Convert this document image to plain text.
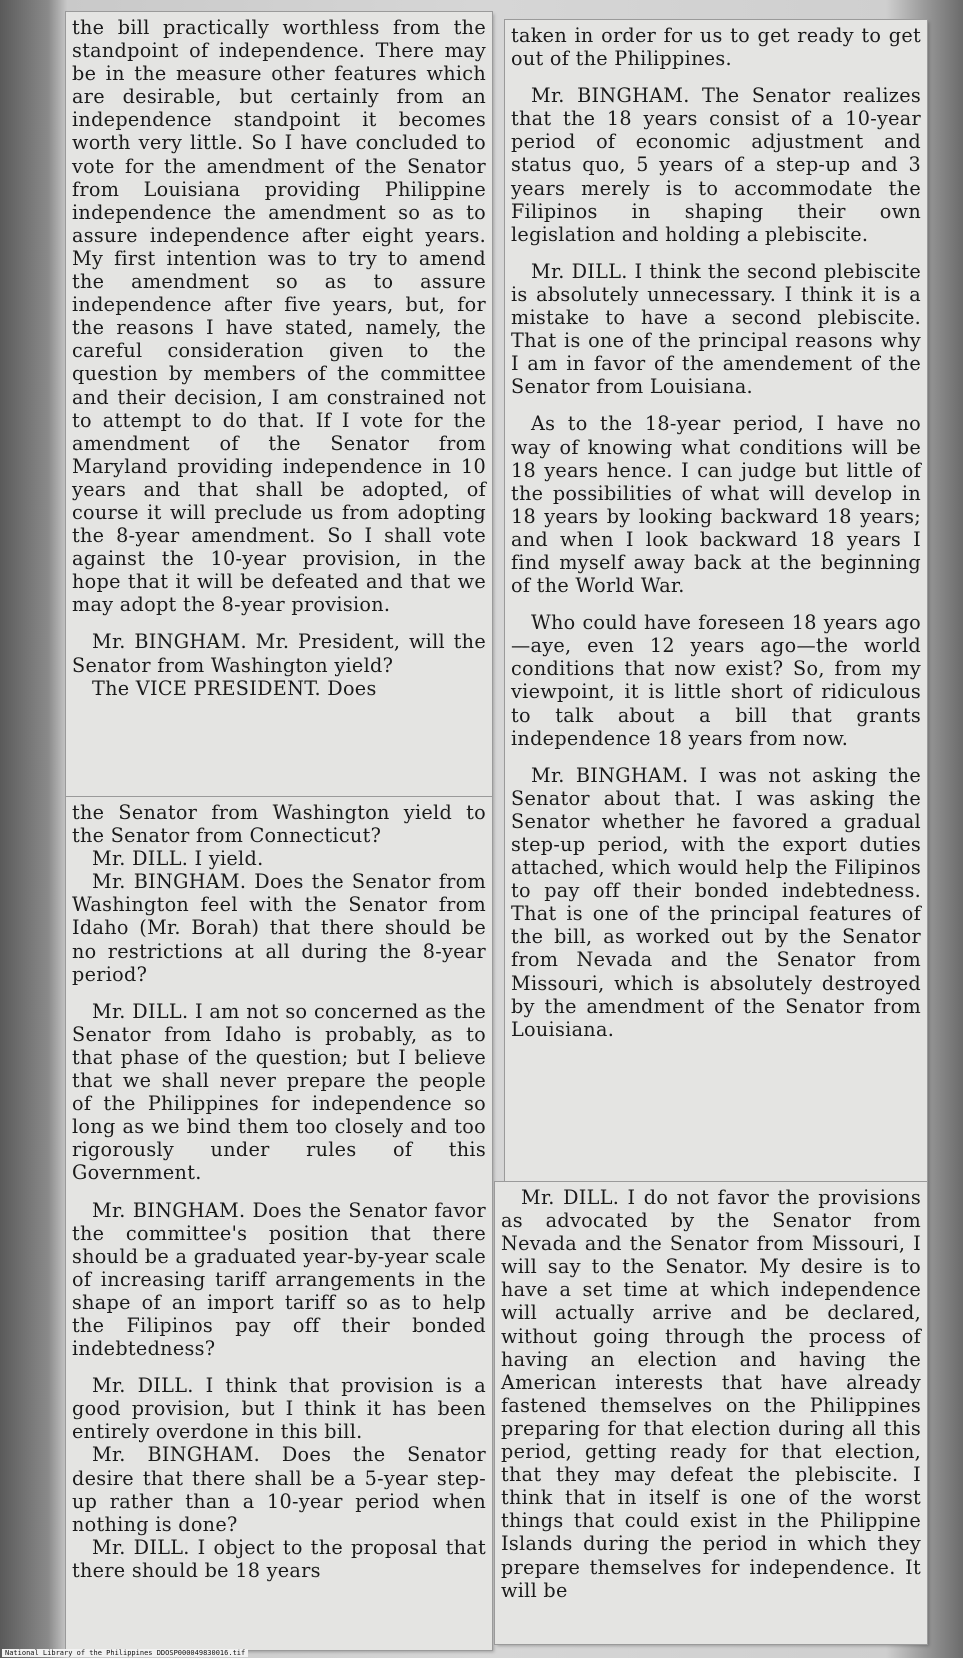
the bill practically worthless from the standpoint of independence. There may be in the measure other features which are desirable, but certainly from an independence standpoint it becomes worth very little. So I have concluded to vote for the amendment of the Senator from Louisiana providing Philippine independence the amendment so as to assure independence after eight years. My first intention was to try to amend the amendment so as to assure independence after five years, but, for the reasons I have stated, namely, the careful consideration given to the question by members of the committee and their decision, I am constrained not to attempt to do that. If I vote for the amendment of the Senator from Maryland providing independence in 10 years and that shall be adopted, of course it will preclude us from adopting the 8-year amendment. So I shall vote against the 10-year provision, in the hope that it will be defeated and that we may adopt the 8-year provision.

Mr. BINGHAM. Mr. President, will the Senator from Washington yield?

The VICE PRESIDENT. Does

the Senator from Washington yield to the Senator from Connecticut?

Mr. DILL. I yield.

Mr. BINGHAM. Does the Senator from Washington feel with the Senator from Idaho (Mr. Borah) that there should be no restrictions at all during the 8-year period?

Mr. DILL. I am not so concerned as the Senator from Idaho is probably, as to that phase of the question; but I believe that we shall never prepare the people of the Philippines for independence so long as we bind them too closely and too rigorously under rules of this Government.

Mr. BINGHAM. Does the Senator favor the committee's position that there should be a graduated year-by-year scale of increasing tariff arrangements in the shape of an import tariff so as to help the Filipinos pay off their bonded indebtedness?

Mr. DILL. I think that provision is a good provision, but I think it has been entirely overdone in this bill.

Mr. BINGHAM. Does the Senator desire that there shall be a 5-year step-up rather than a 10-year period when nothing is done?

Mr. DILL. I object to the proposal that there should be 18 years

taken in order for us to get ready to get out of the Philippines.

Mr. BINGHAM. The Senator realizes that the 18 years consist of a 10-year period of economic adjustment and status quo, 5 years of a step-up and 3 years merely is to accommodate the Filipinos in shaping their own legislation and holding a plebiscite.

Mr. DILL. I think the second plebiscite is absolutely unnecessary. I think it is a mistake to have a second plebiscite. That is one of the principal reasons why I am in favor of the amendement of the Senator from Louisiana.

As to the 18-year period, I have no way of knowing what conditions will be 18 years hence. I can judge but little of the possibilities of what will develop in 18 years by looking backward 18 years; and when I look backward 18 years I find myself away back at the beginning of the World War.

Who could have foreseen 18 years ago—aye, even 12 years ago—the world conditions that now exist? So, from my viewpoint, it is little short of ridiculous to talk about a bill that grants independence 18 years from now.

Mr. BINGHAM. I was not asking the Senator about that. I was asking the Senator whether he favored a gradual step-up period, with the export duties attached, which would help the Filipinos to pay off their bonded indebtedness. That is one of the principal features of the bill, as worked out by the Senator from Nevada and the Senator from Missouri, which is absolutely destroyed by the amendment of the Senator from Louisiana.

Mr. DILL. I do not favor the provisions as advocated by the Senator from Nevada and the Senator from Missouri, I will say to the Senator. My desire is to have a set time at which independence will actually arrive and be declared, without going through the process of having an election and having the American interests that have already fastened themselves on the Philippines preparing for that election during all this period, getting ready for that election, that they may defeat the plebiscite. I think that in itself is one of the worst things that could exist in the Philippine Islands during the period in which they prepare themselves for independence. It will be

National Library of the Philippines DDOSP000049830016.tif
